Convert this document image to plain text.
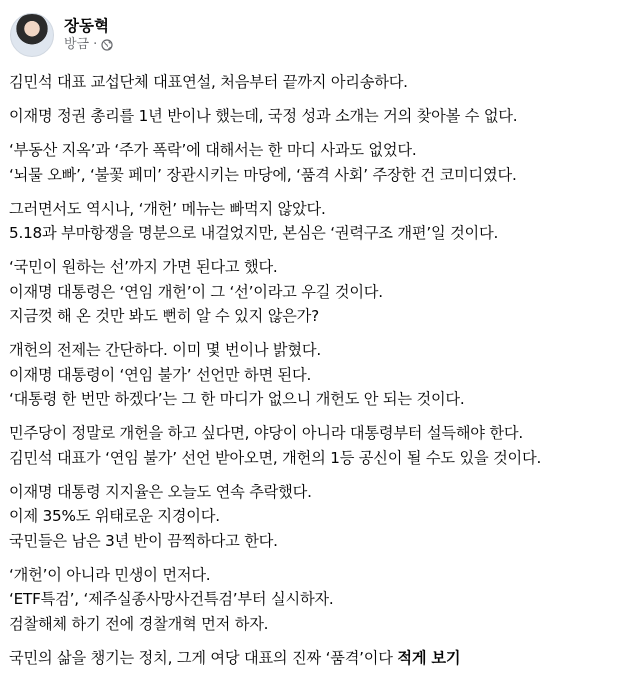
장동혁
방금 ·
김민석 대표 교섭단체 대표연설, 처음부터 끝까지 아리송하다.
이재명 정권 총리를 1년 반이나 했는데, 국정 성과 소개는 거의 찾아볼 수 없다.
‘부동산 지옥’과 ‘주가 폭락’에 대해서는 한 마디 사과도 없었다.
‘뇌물 오빠’, ‘불꽃 페미’ 장관시키는 마당에, ‘품격 사회’ 주장한 건 코미디였다.
그러면서도 역시나, ‘개헌’ 메뉴는 빠먹지 않았다.
5.18과 부마항쟁을 명분으로 내걸었지만, 본심은 ‘권력구조 개편’일 것이다.
‘국민이 원하는 선’까지 가면 된다고 했다.
이재명 대통령은 ‘연임 개헌’이 그 ‘선’이라고 우길 것이다.
지금껏 해 온 것만 봐도 뻔히 알 수 있지 않은가?
개헌의 전제는 간단하다. 이미 몇 번이나 밝혔다.
이재명 대통령이 ‘연임 불가’ 선언만 하면 된다.
‘대통령 한 번만 하겠다’는 그 한 마디가 없으니 개헌도 안 되는 것이다.
민주당이 정말로 개헌을 하고 싶다면, 야당이 아니라 대통령부터 설득해야 한다.
김민석 대표가 ‘연임 불가’ 선언 받아오면, 개헌의 1등 공신이 될 수도 있을 것이다.
이재명 대통령 지지율은 오늘도 연속 추락했다.
이제 35%도 위태로운 지경이다.
국민들은 남은 3년 반이 끔찍하다고 한다.
‘개헌’이 아니라 민생이 먼저다.
‘ETF특검’, ‘제주실종사망사건특검’부터 실시하자.
검찰해체 하기 전에 경찰개혁 먼저 하자.
국민의 삶을 챙기는 정치, 그게 여당 대표의 진짜 ‘품격’이다 적게 보기
